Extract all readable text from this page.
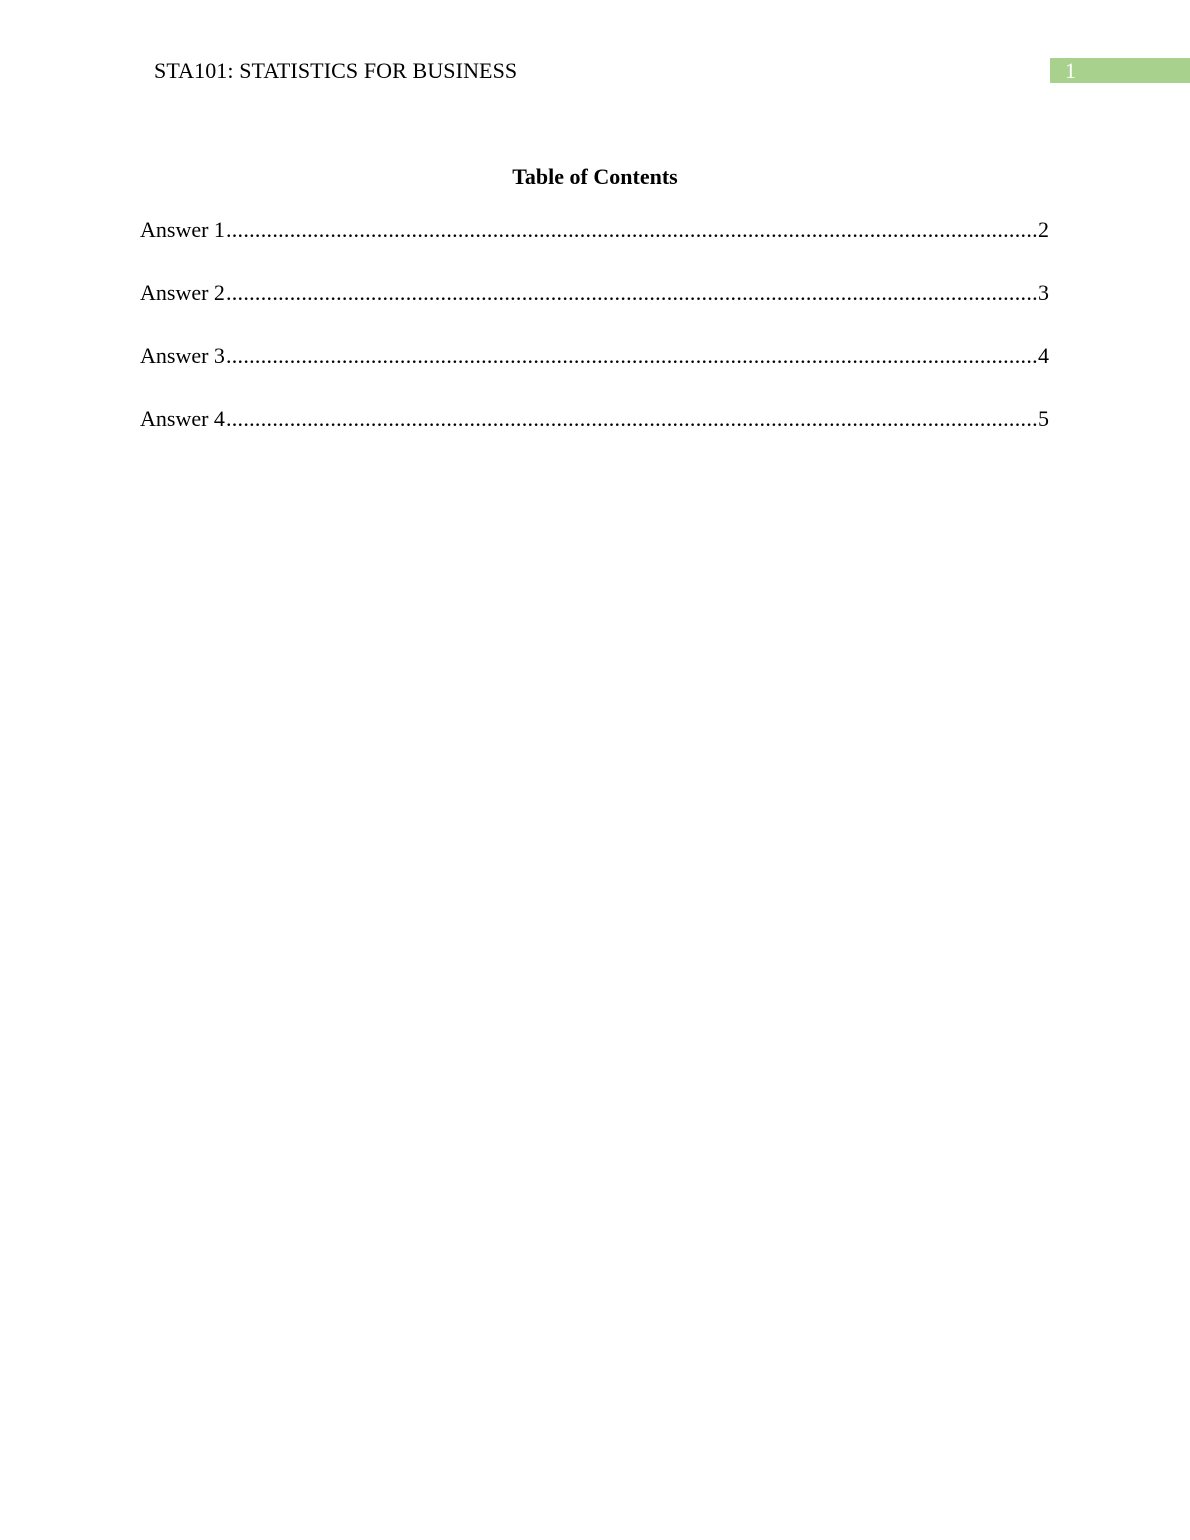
STA101: STATISTICS FOR BUSINESS	1
Table of Contents
Answer 1 .....	2
Answer 2 .....	3
Answer 3 .....	4
Answer 4 .....	5
